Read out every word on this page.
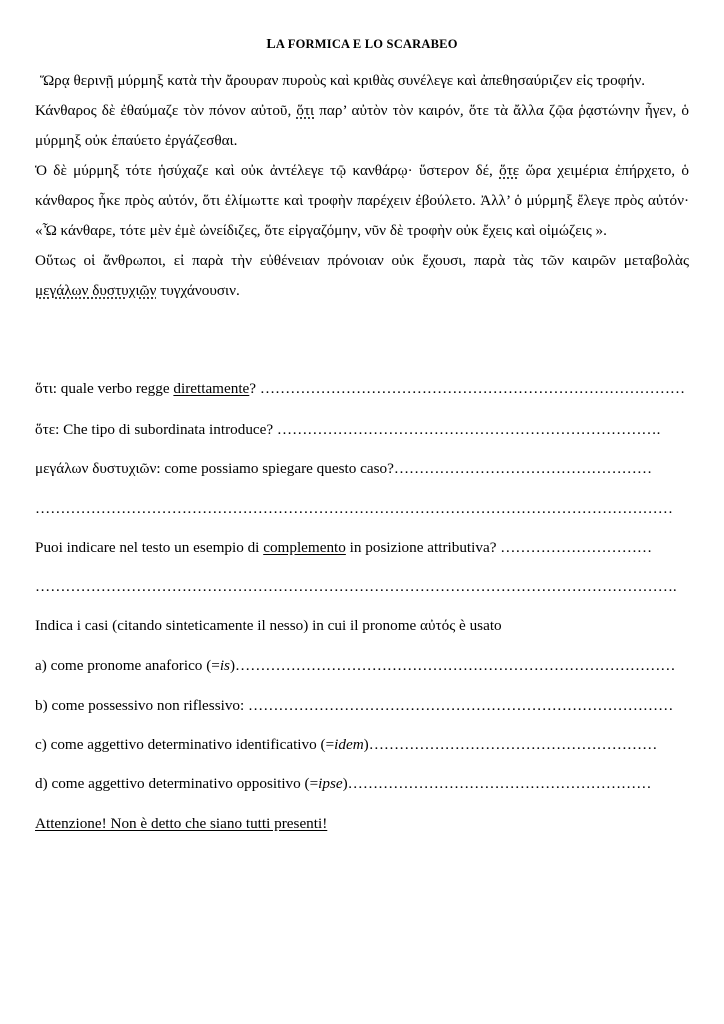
LA FORMICA E LO SCARABEO

Ὥρᾳ θερινῇ μύρμηξ κατὰ τὴν ἄρουραν πυροὺς καὶ κριθὰς συνέλεγε καὶ ἀπεθησαύριζεν εἰς τροφήν.

Κάνθαρος δὲ ἐθαύμαζε τὸν πόνον αὐτοῦ, ὅτι παρ’ αὐτὸν τὸν καιρόν, ὅτε τὰ ἄλλα ζῷα ῥᾳστώνην ἦγεν, ὁ μύρμηξ οὐκ ἐπαύετο ἐργάζεσθαι.

Ὁ δὲ μύρμηξ τότε ἡσύχαζε καὶ οὐκ ἀντέλεγε τῷ κανθάρῳ· ὕστερον δέ, ὅτε ὥρα χειμέρια ἐπήρχετο, ὁ κάνθαρος ἧκε πρὸς αὐτόν, ὅτι ἐλίμωττε καὶ τροφὴν παρέχειν ἐβούλετο. Ἀλλ’ ὁ μύρμηξ ἔλεγε πρὸς αὐτόν· «Ὦ κάνθαρε, τότε μὲν ἐμὲ ὠνείδιζες, ὅτε εἰργαζόμην, νῦν δὲ τροφὴν οὐκ ἔχεις καὶ οἰμώζεις ».

Οὕτως οἱ ἄνθρωποι, εἰ παρὰ τὴν εὐθένειαν πρόνοιαν οὐκ ἔχουσι, παρὰ τὰς τῶν καιρῶν μεταβολὰς μεγάλων δυστυχιῶν τυγχάνουσιν.

ὅτι: quale verbo regge direttamente? …………………………………………………………………………
ὅτε: Che tipo di subordinata introduce? ………………………………………………………………….
μεγάλων δυστυχιῶν: come possiamo spiegare questo caso?……………………………………………
………………………………………………………………………………………………………………
Puoi indicare nel testo un esempio di complemento in posizione attributiva? …………………………
……………………………………………………………………………………………………………….
Indica i casi (citando sinteticamente il nesso) in cui il pronome αὐτός è usato
a) come pronome anaforico (=is)……………………………………………………………………………
b) come possessivo non riflessivo: …………………………………………………………………………
c) come aggettivo determinativo identificativo (=idem)…………………………………………………
d) come aggettivo determinativo oppositivo (=ipse)……………………………………………………
Attenzione! Non è detto che siano tutti presenti!
